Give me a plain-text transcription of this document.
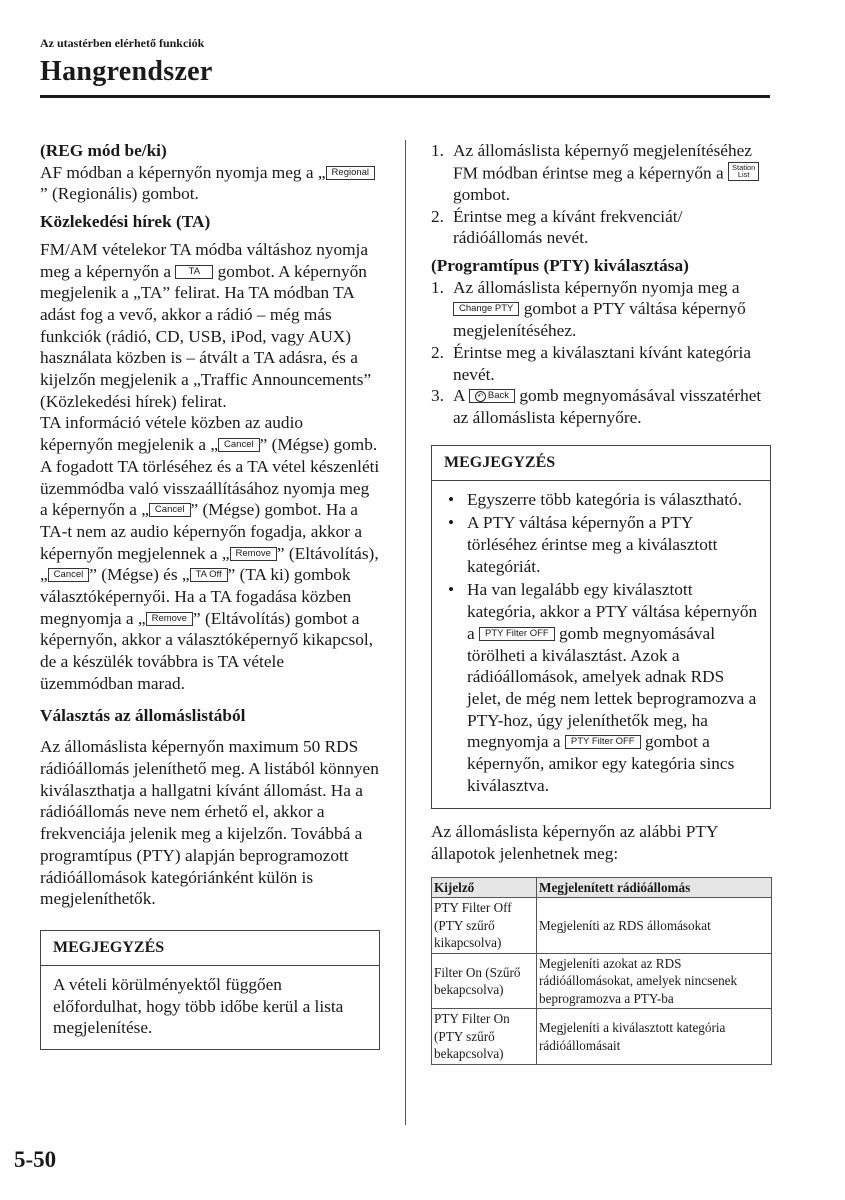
Az utastérben elérhető funkciók
Hangrendszer

(REG mód be/ki)

AF módban a képernyőn nyomja meg a „ Regional” (Regionális) gombot.

Közlekedési hírek (TA)

FM/AM vételekor TA módba váltáshoz nyomja meg a képernyőn a TA gombot. A képernyőn megjelenik a „TA” felirat. Ha TA módban TA adást fog a vevő, akkor a rádió – még más funkciók (rádió, CD, USB, iPod, vagy AUX) használata közben is – átvált a TA adásra, és a kijelzőn megjelenik a „Traffic Announcements” (Közlekedési hírek) felirat.

TA információ vétele közben az audio képernyőn megjelenik a „ Cancel ” (Mégse) gomb. A fogadott TA törléséhez és a TA vétel készenléti üzemmódba való visszaállításához nyomja meg a képernyőn a „ Cancel ” (Mégse) gombot. Ha a TA-t nem az audio képernyőn fogadja, akkor a képernyőn megjelennek a „ Remove ” (Eltávolítás), „ Cancel ” (Mégse) és „ TA Off ” (TA ki) gombok választóképernyői. Ha a TA fogadása közben megnyomja a „ Remove ” (Eltávolítás) gombot a képernyőn, akkor a választóképernyő kikapcsol, de a készülék továbbra is TA vétele üzemmódban marad.

Választás az állomáslistából

Az állomáslista képernyőn maximum 50 RDS rádióállomás jeleníthető meg. A listából könnyen kiválaszthatja a hallgatni kívánt állomást. Ha a rádióállomás neve nem érhető el, akkor a frekvenciája jelenik meg a kijelzőn. Továbbá a programtípus (PTY) alapján beprogramozott rádióállomások kategóriánként külön is megjeleníthetők.

MEGJEGYZÉS
A vételi körülményektől függően előfordulhat, hogy több időbe kerül a lista megjelenítése.
1. Az állomáslista képernyő megjelenítéséhez FM módban érintse meg a képernyőn a Station
List gombot.
2. Érintse meg a kívánt frekvenciát/ rádióállomás nevét.

(Programtípus (PTY) kiválasztása)

1. Az állomáslista képernyőn nyomja meg a Change PTY gombot a PTY váltása képernyő megjelenítéséhez.
2. Érintse meg a kiválasztani kívánt kategória nevét.
3. A ↶ Back gomb megnyomásával visszatérhet az állomáslista képernyőre.
MEGJEGYZÉS
• Egyszerre több kategória is választható.
• A PTY váltása képernyőn a PTY törléséhez érintse meg a kiválasztott kategóriát.
• Ha van legalább egy kiválasztott kategória, akkor a PTY váltása képernyőn a PTY Filter OFF gomb megnyomásával törölheti a kiválasztást. Azok a rádióállomások, amelyek adnak RDS jelet, de még nem lettek beprogramozva a PTY-hoz, úgy jeleníthetők meg, ha megnyomja a PTY Filter OFF gombot a képernyőn, amikor egy kategória sincs kiválasztva.

Az állomáslista képernyőn az alábbi PTY állapotok jelenhetnek meg:

Kijelző	Megjelenített rádióállomás
PTY Filter Off (PTY szűrő kikapcsolva)	Megjeleníti az RDS állomásokat
Filter On (Szűrő bekapcsolva)	Megjeleníti azokat az RDS rádióállomásokat, amelyek nincsenek beprogramozva a PTY-ba
PTY Filter On (PTY szűrő bekapcsolva)	Megjeleníti a kiválasztott kategória rádióállomásait
5-50
